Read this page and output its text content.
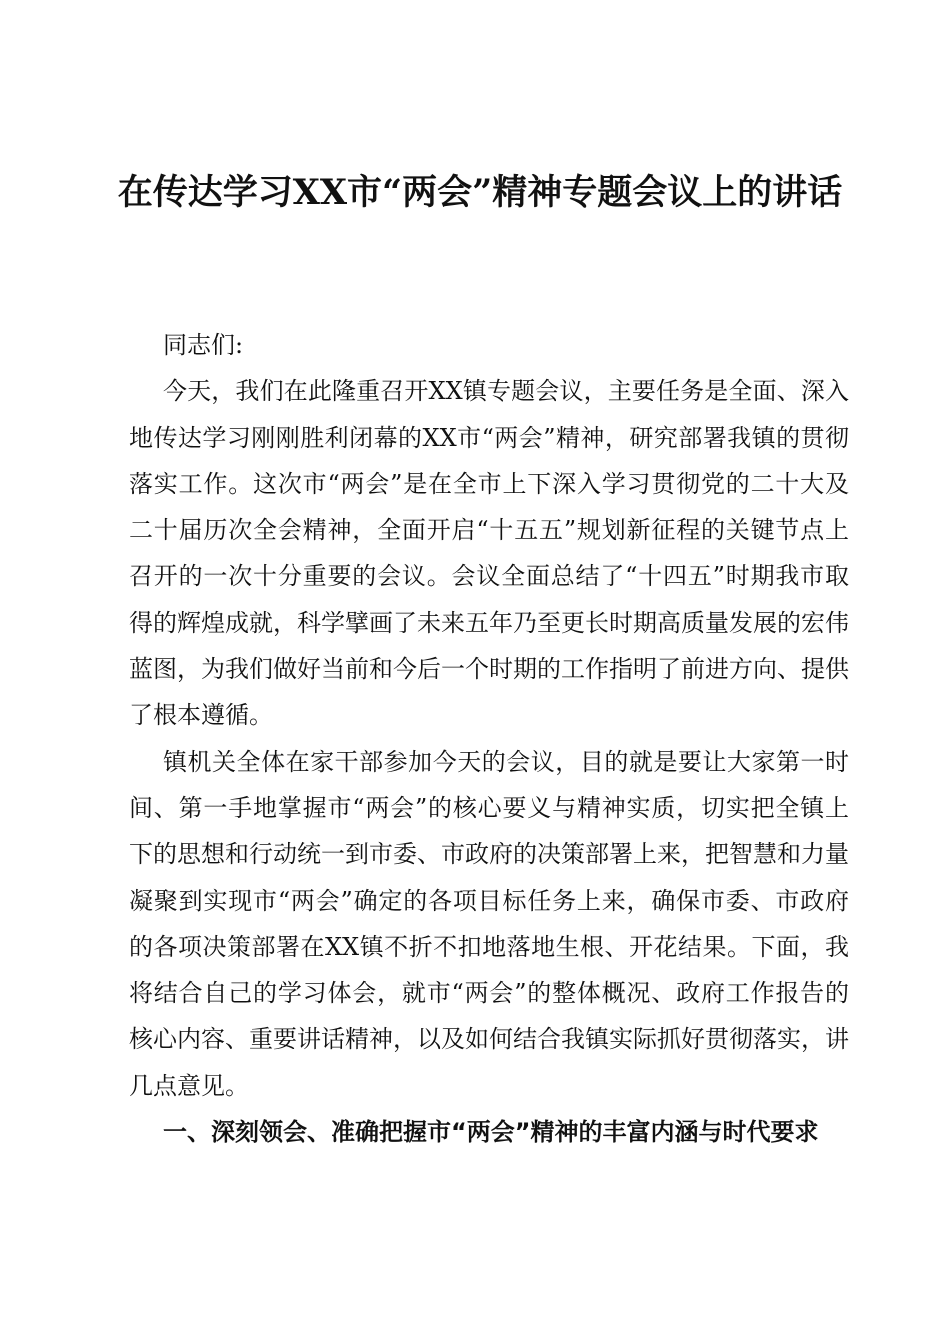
在传达学习XX市“两会”精神专题会议上的讲话

同志们:

今天，我们在此隆重召开XX镇专题会议，主要任务是全面、深入地传达学习刚刚胜利闭幕的XX市“两会”精神，研究部署我镇的贯彻落实工作。这次市“两会”是在全市上下深入学习贯彻党的二十大及二十届历次全会精神，全面开启“十五五”规划新征程的关键节点上召开的一次十分重要的会议。会议全面总结了“十四五”时期我市取得的辉煌成就，科学擘画了未来五年乃至更长时期高质量发展的宏伟蓝图，为我们做好当前和今后一个时期的工作指明了前进方向、提供了根本遵循。

镇机关全体在家干部参加今天的会议，目的就是要让大家第一时间、第一手地掌握市“两会”的核心要义与精神实质，切实把全镇上下的思想和行动统一到市委、市政府的决策部署上来，把智慧和力量凝聚到实现市“两会”确定的各项目标任务上来，确保市委、市政府的各项决策部署在XX镇不折不扣地落地生根、开花结果。下面，我将结合自己的学习体会，就市“两会”的整体概况、政府工作报告的核心内容、重要讲话精神，以及如何结合我镇实际抓好贯彻落实，讲几点意见。

一、深刻领会、准确把握市“两会”精神的丰富内涵与时代要求
